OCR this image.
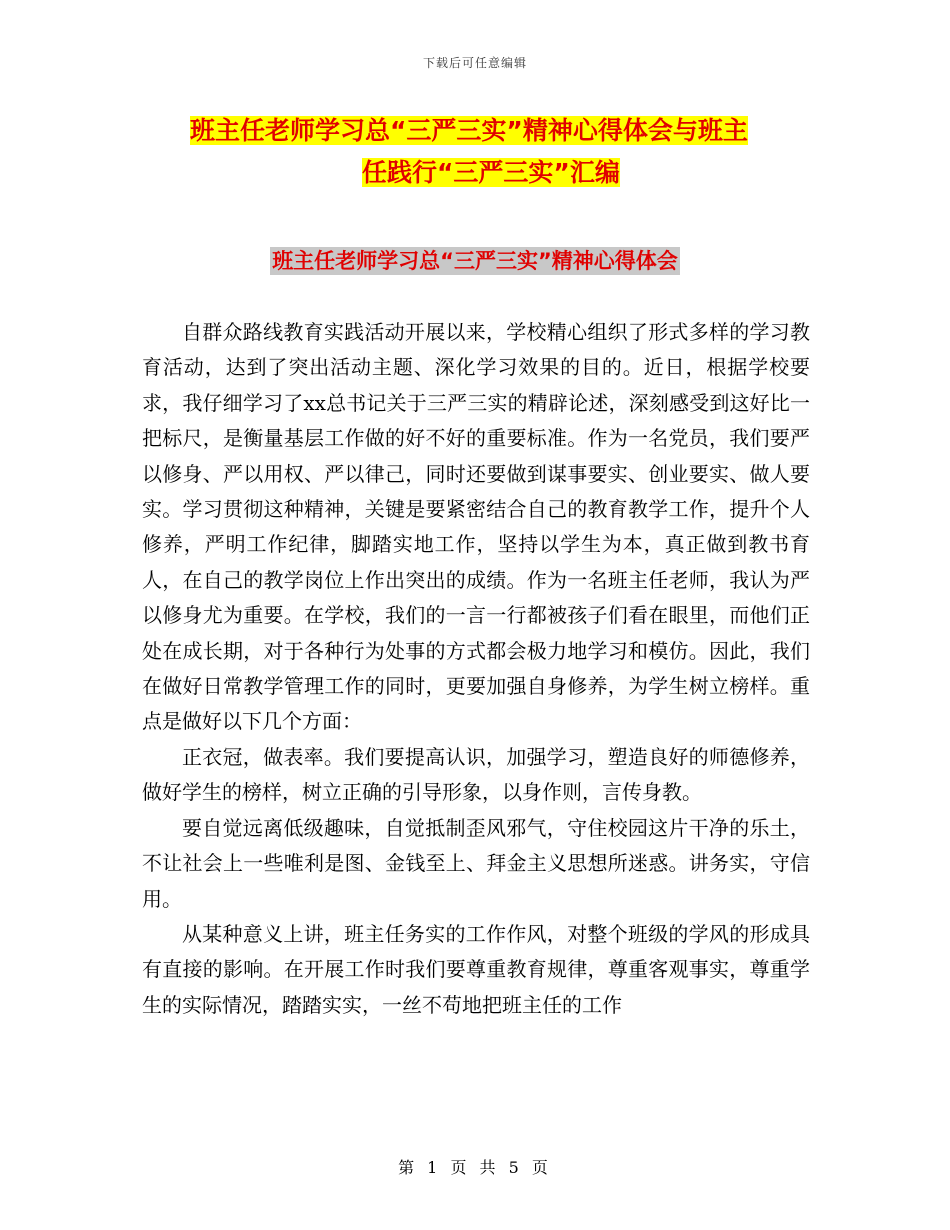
下载后可任意编辑
班主任老师学习总“三严三实”精神心得体会与班主
任践行“三严三实”汇编
班主任老师学习总“三严三实”精神心得体会

自群众路线教育实践活动开展以来，学校精心组织了形式多样的学习教育活动，达到了突出活动主题、深化学习效果的目的。近日，根据学校要求，我仔细学习了xx总书记关于三严三实的精辟论述，深刻感受到这好比一把标尺，是衡量基层工作做的好不好的重要标准。作为一名党员，我们要严以修身、严以用权、严以律己，同时还要做到谋事要实、创业要实、做人要实。学习贯彻这种精神，关键是要紧密结合自己的教育教学工作，提升个人修养，严明工作纪律，脚踏实地工作，坚持以学生为本，真正做到教书育人，在自己的教学岗位上作出突出的成绩。作为一名班主任老师，我认为严以修身尤为重要。在学校，我们的一言一行都被孩子们看在眼里，而他们正处在成长期，对于各种行为处事的方式都会极力地学习和模仿。因此，我们在做好日常教学管理工作的同时，更要加强自身修养，为学生树立榜样。重点是做好以下几个方面：

正衣冠，做表率。我们要提高认识，加强学习，塑造良好的师德修养，做好学生的榜样，树立正确的引导形象，以身作则，言传身教。

要自觉远离低级趣味，自觉抵制歪风邪气，守住校园这片干净的乐土，不让社会上一些唯利是图、金钱至上、拜金主义思想所迷惑。讲务实，守信用。

从某种意义上讲，班主任务实的工作作风，对整个班级的学风的形成具有直接的影响。在开展工作时我们要尊重教育规律，尊重客观事实，尊重学生的实际情况，踏踏实实，一丝不苟地把班主任的工作

第 1 页 共 5 页
